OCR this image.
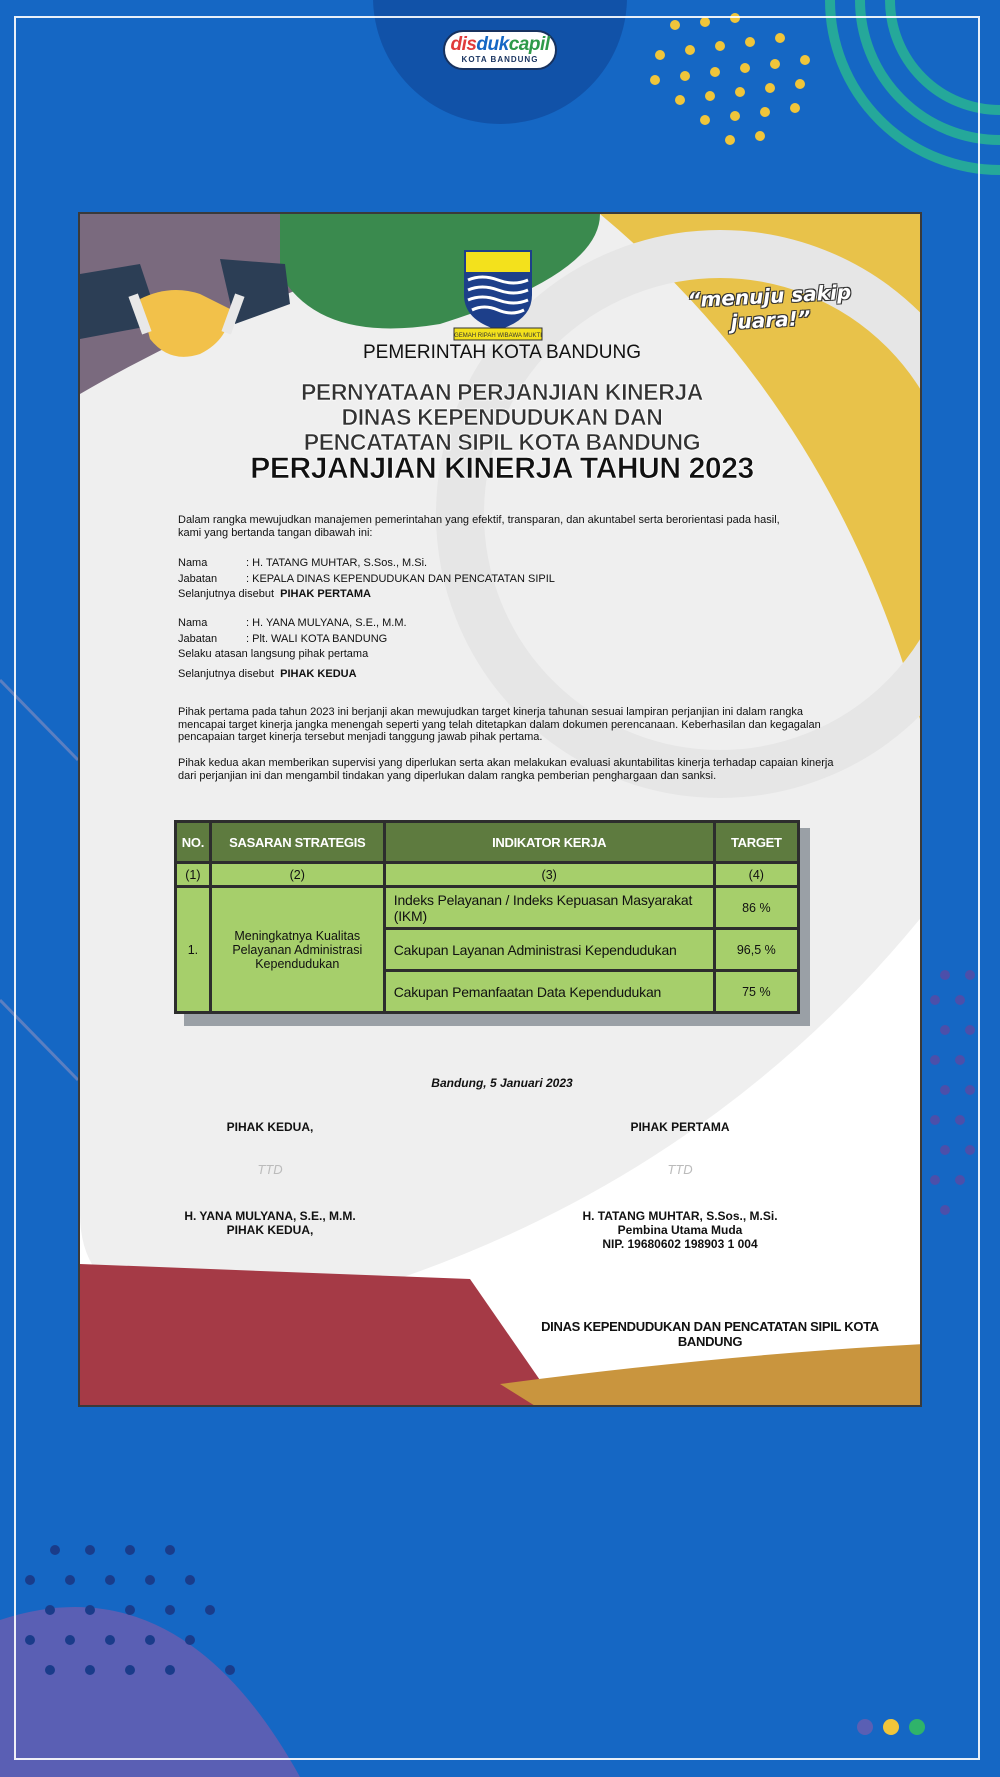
disdukcapil
KOTA BANDUNG
GEMAH RIPAH WIBAWA MUKTI
“menuju sakip juara!”
PEMERINTAH KOTA BANDUNG
PERNYATAAN PERJANJIAN KINERJA
DINAS KEPENDUDUKAN DAN
PENCATATAN SIPIL KOTA BANDUNG
PERJANJIAN KINERJA TAHUN 2023
Dalam rangka mewujudkan manajemen pemerintahan yang efektif, transparan, dan akuntabel serta berorientasi pada hasil,
kami yang bertanda tangan dibawah ini:
Nama	: H. TATANG MUHTAR, S.Sos., M.Si.
Jabatan	: KEPALA DINAS KEPENDUDUKAN DAN PENCATATAN SIPIL
Selanjutnya disebut PIHAK PERTAMA
Nama	: H. YANA MULYANA, S.E., M.M.
Jabatan	: Plt. WALI KOTA BANDUNG
Selaku atasan langsung pihak pertama
Selanjutnya disebut PIHAK KEDUA
Pihak pertama pada tahun 2023 ini berjanji akan mewujudkan target kinerja tahunan sesuai lampiran perjanjian ini dalam rangka
mencapai target kinerja jangka menengah seperti yang telah ditetapkan dalam dokumen perencanaan. Keberhasilan dan kegagalan
pencapaian target kinerja tersebut menjadi tanggung jawab pihak pertama.
Pihak kedua akan memberikan supervisi yang diperlukan serta akan melakukan evaluasi akuntabilitas kinerja terhadap capaian kinerja
dari perjanjian ini dan mengambil tindakan yang diperlukan dalam rangka pemberian penghargaan dan sanksi.
NO.	SASARAN STRATEGIS	INDIKATOR KERJA	TARGET
(1)	(2)	(3)	(4)
1.	Meningkatnya Kualitas Pelayanan Administrasi Kependudukan	Indeks Pelayanan / Indeks Kepuasan Masyarakat (IKM)	86 %
		Cakupan Layanan Administrasi Kependudukan	96,5 %
		Cakupan Pemanfaatan Data Kependudukan	75 %
Bandung, 5 Januari 2023
PIHAK KEDUA,
TTD
H. YANA MULYANA, S.E., M.M.
PIHAK KEDUA,
PIHAK PERTAMA
TTD
H. TATANG MUHTAR, S.Sos., M.Si.
Pembina Utama Muda
NIP. 19680602 198903 1 004
DINAS KEPENDUDUKAN DAN PENCATATAN SIPIL KOTA BANDUNG
